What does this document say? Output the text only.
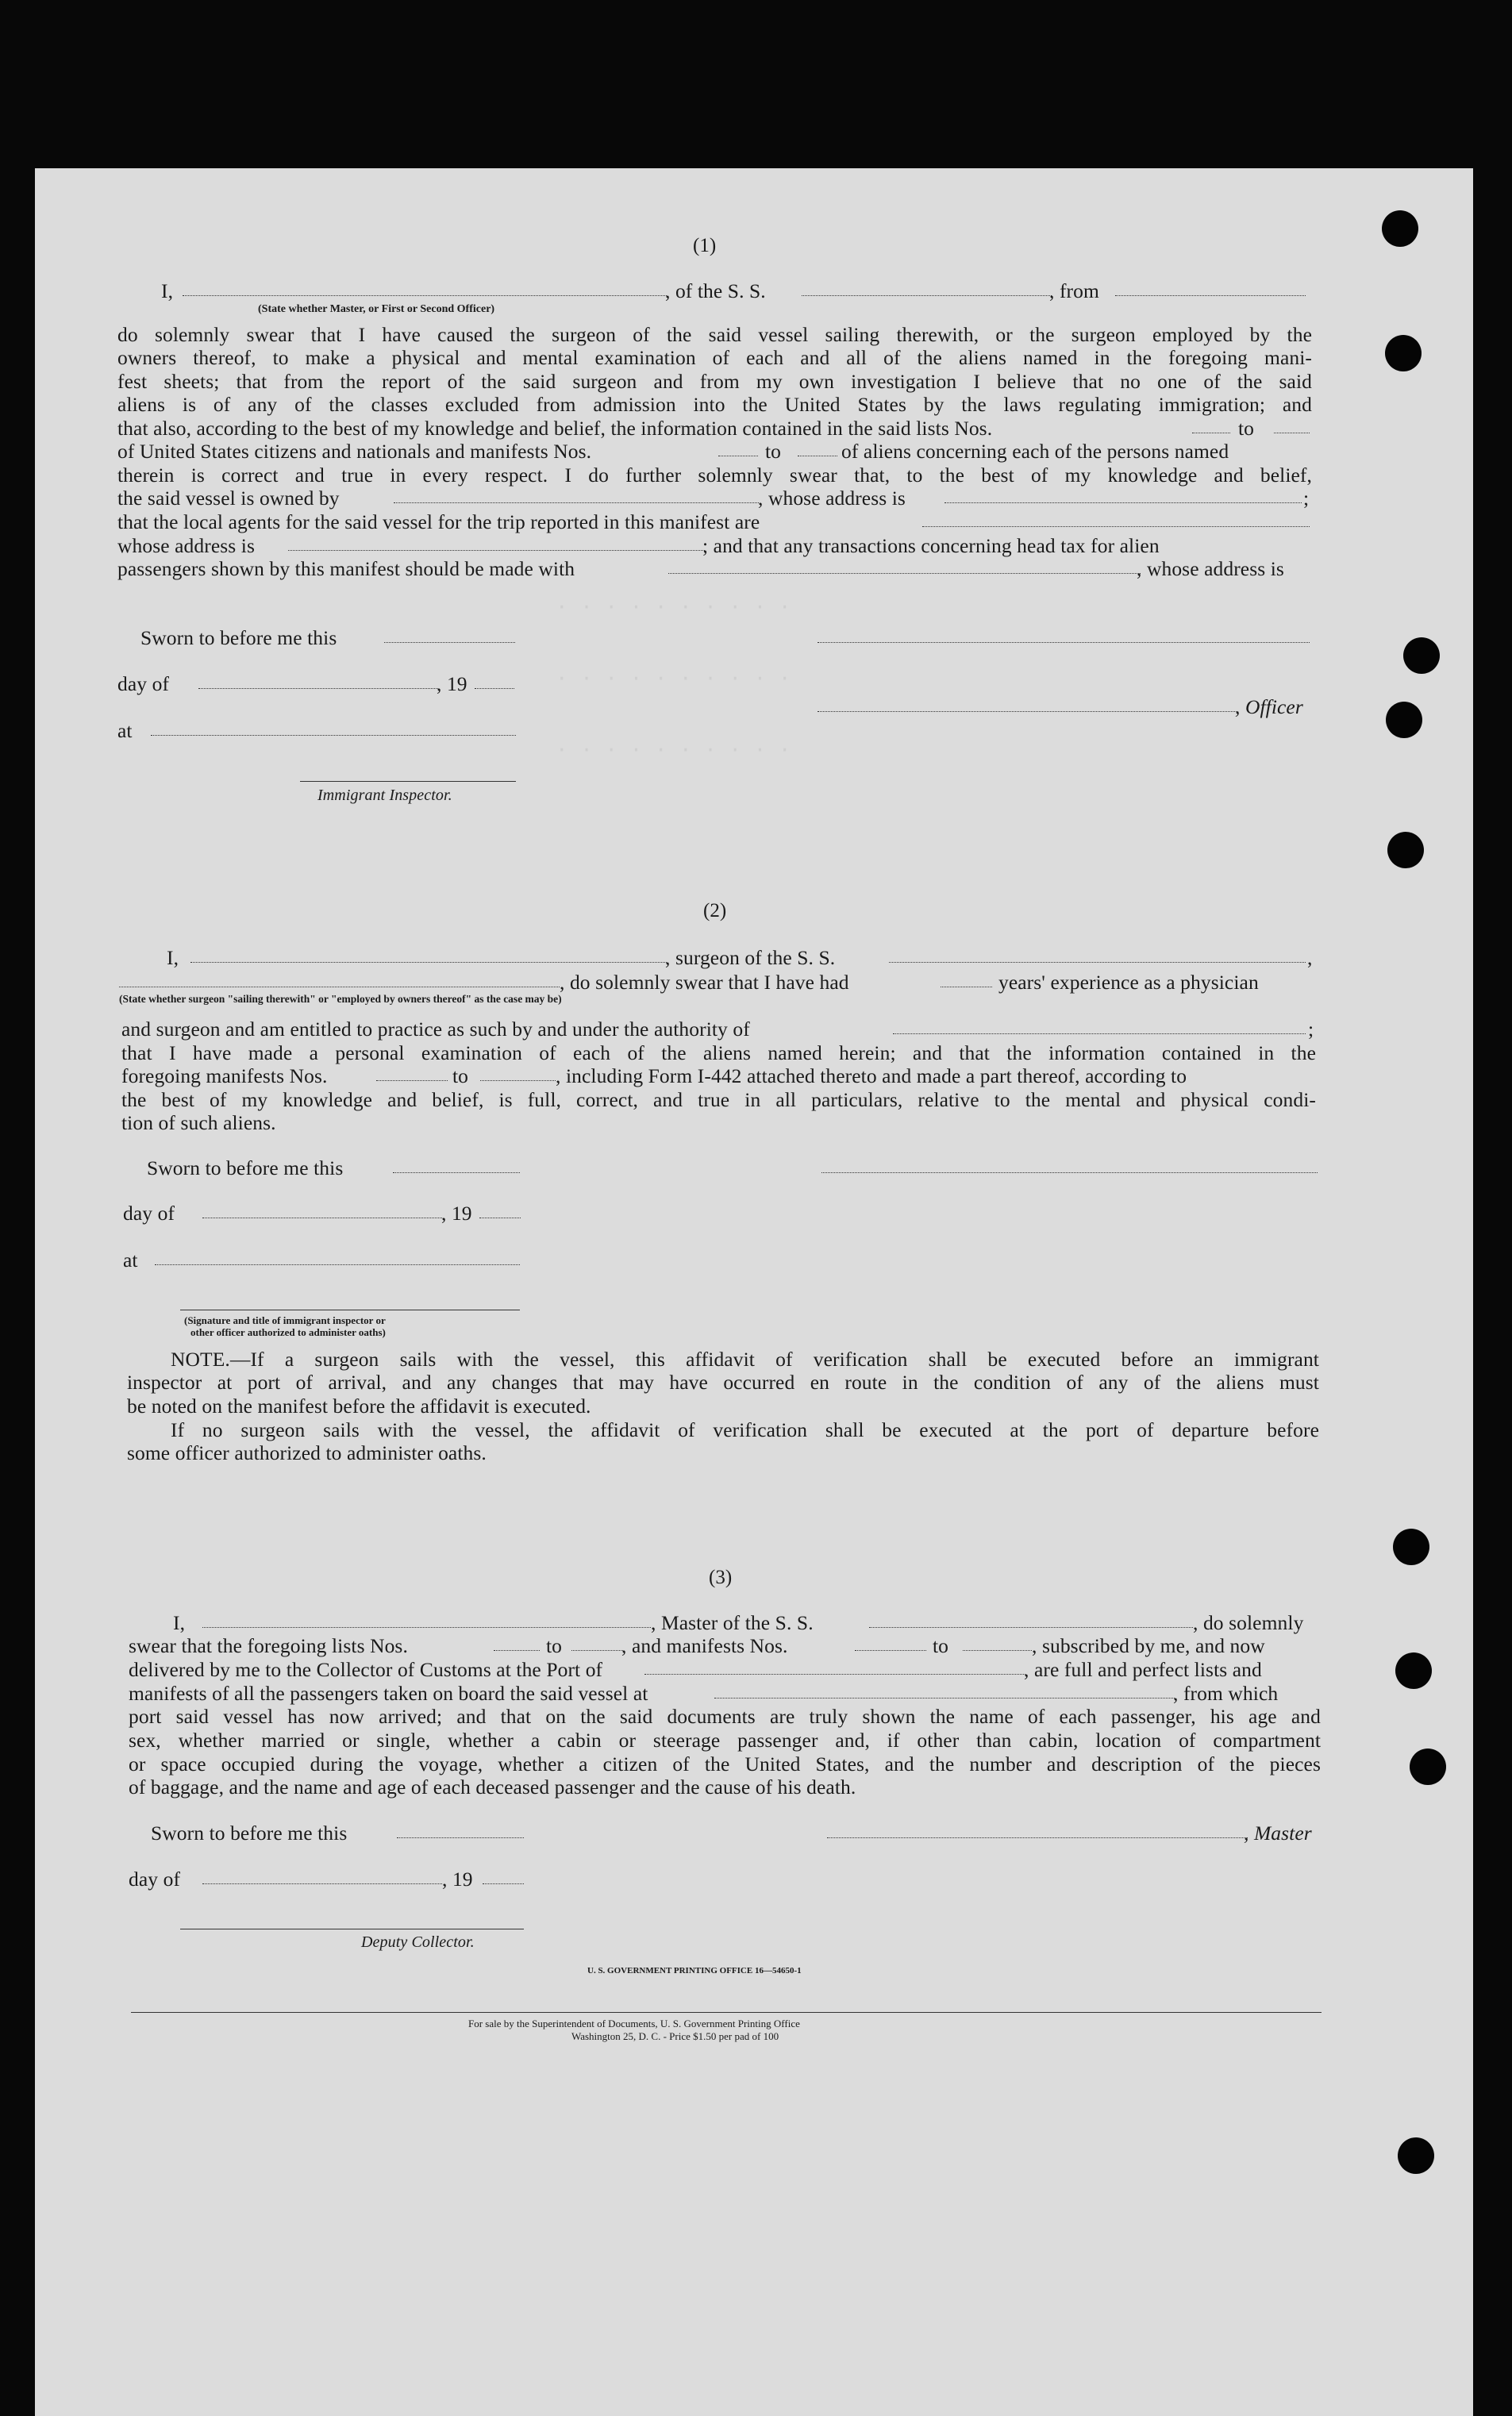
· · · · · · · · · ·
· · · · · · · · · ·
· · · · · · · · · ·
(1)
I,	, of the S. S.	, from
(State whether Master, or First or Second Officer)
do solemnly swear that I have caused the surgeon of the said vessel sailing therewith, or the surgeon employed by the
owners thereof, to make a physical and mental examination of each and all of the aliens named in the foregoing mani-
fest sheets; that from the report of the said surgeon and from my own investigation I believe that no one of the said
aliens is of any of the classes excluded from admission into the United States by the laws regulating immigration; and
that also, according to the best of my knowledge and belief, the information contained in the said lists Nos.	to
of United States citizens and nationals and manifests Nos.	to	of aliens concerning each of the persons named
therein is correct and true in every respect. I do further solemnly swear that, to the best of my knowledge and belief,
the said vessel is owned by	, whose address is	;
that the local agents for the said vessel for the trip reported in this manifest are
whose address is	; and that any transactions concerning head tax for alien
passengers shown by this manifest should be made with	, whose address is
Sworn to before me this
day of	, 19
, Officer
at
Immigrant Inspector.
(2)
I,	, surgeon of the S. S.	,
, do solemnly swear that I have had	years' experience as a physician
(State whether surgeon "sailing therewith" or "employed by owners thereof" as the case may be)
and surgeon and am entitled to practice as such by and under the authority of	;
that I have made a personal examination of each of the aliens named herein; and that the information contained in the
foregoing manifests Nos.	to	, including Form I-442 attached thereto and made a part thereof, according to
the best of my knowledge and belief, is full, correct, and true in all particulars, relative to the mental and physical condi-
tion of such aliens.
Sworn to before me this
day of	, 19
at
(Signature and title of immigrant inspector or
other officer authorized to administer oaths)
NOTE.—If a surgeon sails with the vessel, this affidavit of verification shall be executed before an immigrant
inspector at port of arrival, and any changes that may have occurred en route in the condition of any of the aliens must
be noted on the manifest before the affidavit is executed.
If no surgeon sails with the vessel, the affidavit of verification shall be executed at the port of departure before
some officer authorized to administer oaths.
(3)
I,	, Master of the S. S.	, do solemnly
swear that the foregoing lists Nos.	to	, and manifests Nos.	to	, subscribed by me, and now
delivered by me to the Collector of Customs at the Port of	, are full and perfect lists and
manifests of all the passengers taken on board the said vessel at	, from which
port said vessel has now arrived; and that on the said documents are truly shown the name of each passenger, his age and
sex, whether married or single, whether a cabin or steerage passenger and, if other than cabin, location of compartment
or space occupied during the voyage, whether a citizen of the United States, and the number and description of the pieces
of baggage, and the name and age of each deceased passenger and the cause of his death.
Sworn to before me this	, Master
day of	, 19
Deputy Collector.
U. S. GOVERNMENT PRINTING OFFICE 16—54650-1
For sale by the Superintendent of Documents, U. S. Government Printing Office
Washington 25, D. C. - Price $1.50 per pad of 100
